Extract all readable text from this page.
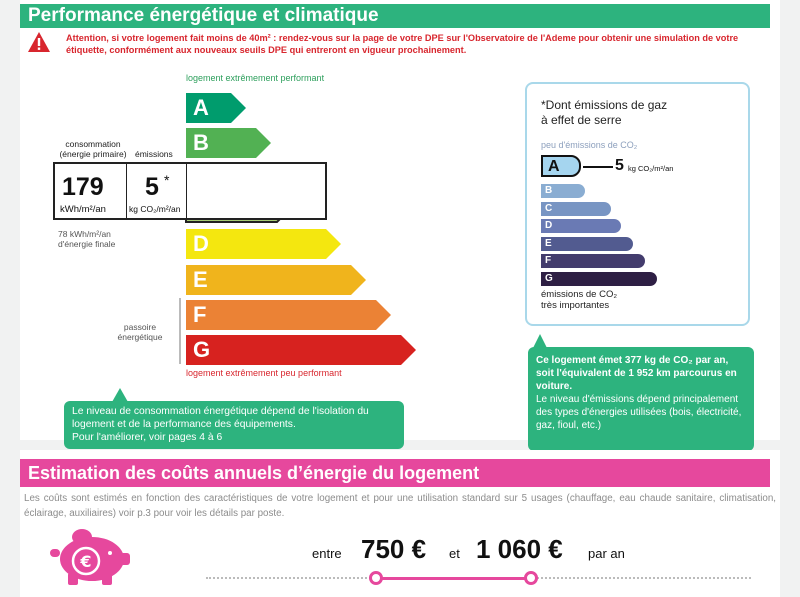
Performance énergétique et climatique
Attention, si votre logement fait moins de 40m² : rendez-vous sur la page de votre DPE sur l'Observatoire de l'Ademe pour obtenir une simulation de votre étiquette, conformément aux nouveaux seuils DPE qui entreront en vigueur prochainement.
logement extrêmement performant
A
B
D
E
F
G
consommation
(énergie primaire) émissions
179
kWh/m²/an
5 *
kg CO₂/m²/an
78 kWh/m²/an
d'énergie finale
passoire
énergétique
logement extrêmement peu performant
Le niveau de consommation énergétique dépend de l'isolation du logement et de la performance des équipements.
Pour l'améliorer, voir pages 4 à 6
*Dont émissions de gaz
à effet de serre
peu d'émissions de CO₂
A	5 kg CO₂/m²/an
B
C
D
E
F
G
émissions de CO₂
très importantes
Ce logement émet 377 kg de CO₂ par an, soit l'équivalent de 1 952 km parcourus en voiture.
Le niveau d'émissions dépend principalement des types d'énergies utilisées (bois, électricité, gaz, fioul, etc.)
Estimation des coûts annuels d’énergie du logement
Les coûts sont estimés en fonction des caractéristiques de votre logement et pour une utilisation standard sur 5 usages (chauffage, eau chaude sanitaire, climatisation, éclairage, auxiliaires) voir p.3 pour voir les détails par poste.
€	entre 750 € et 1 060 € par an
